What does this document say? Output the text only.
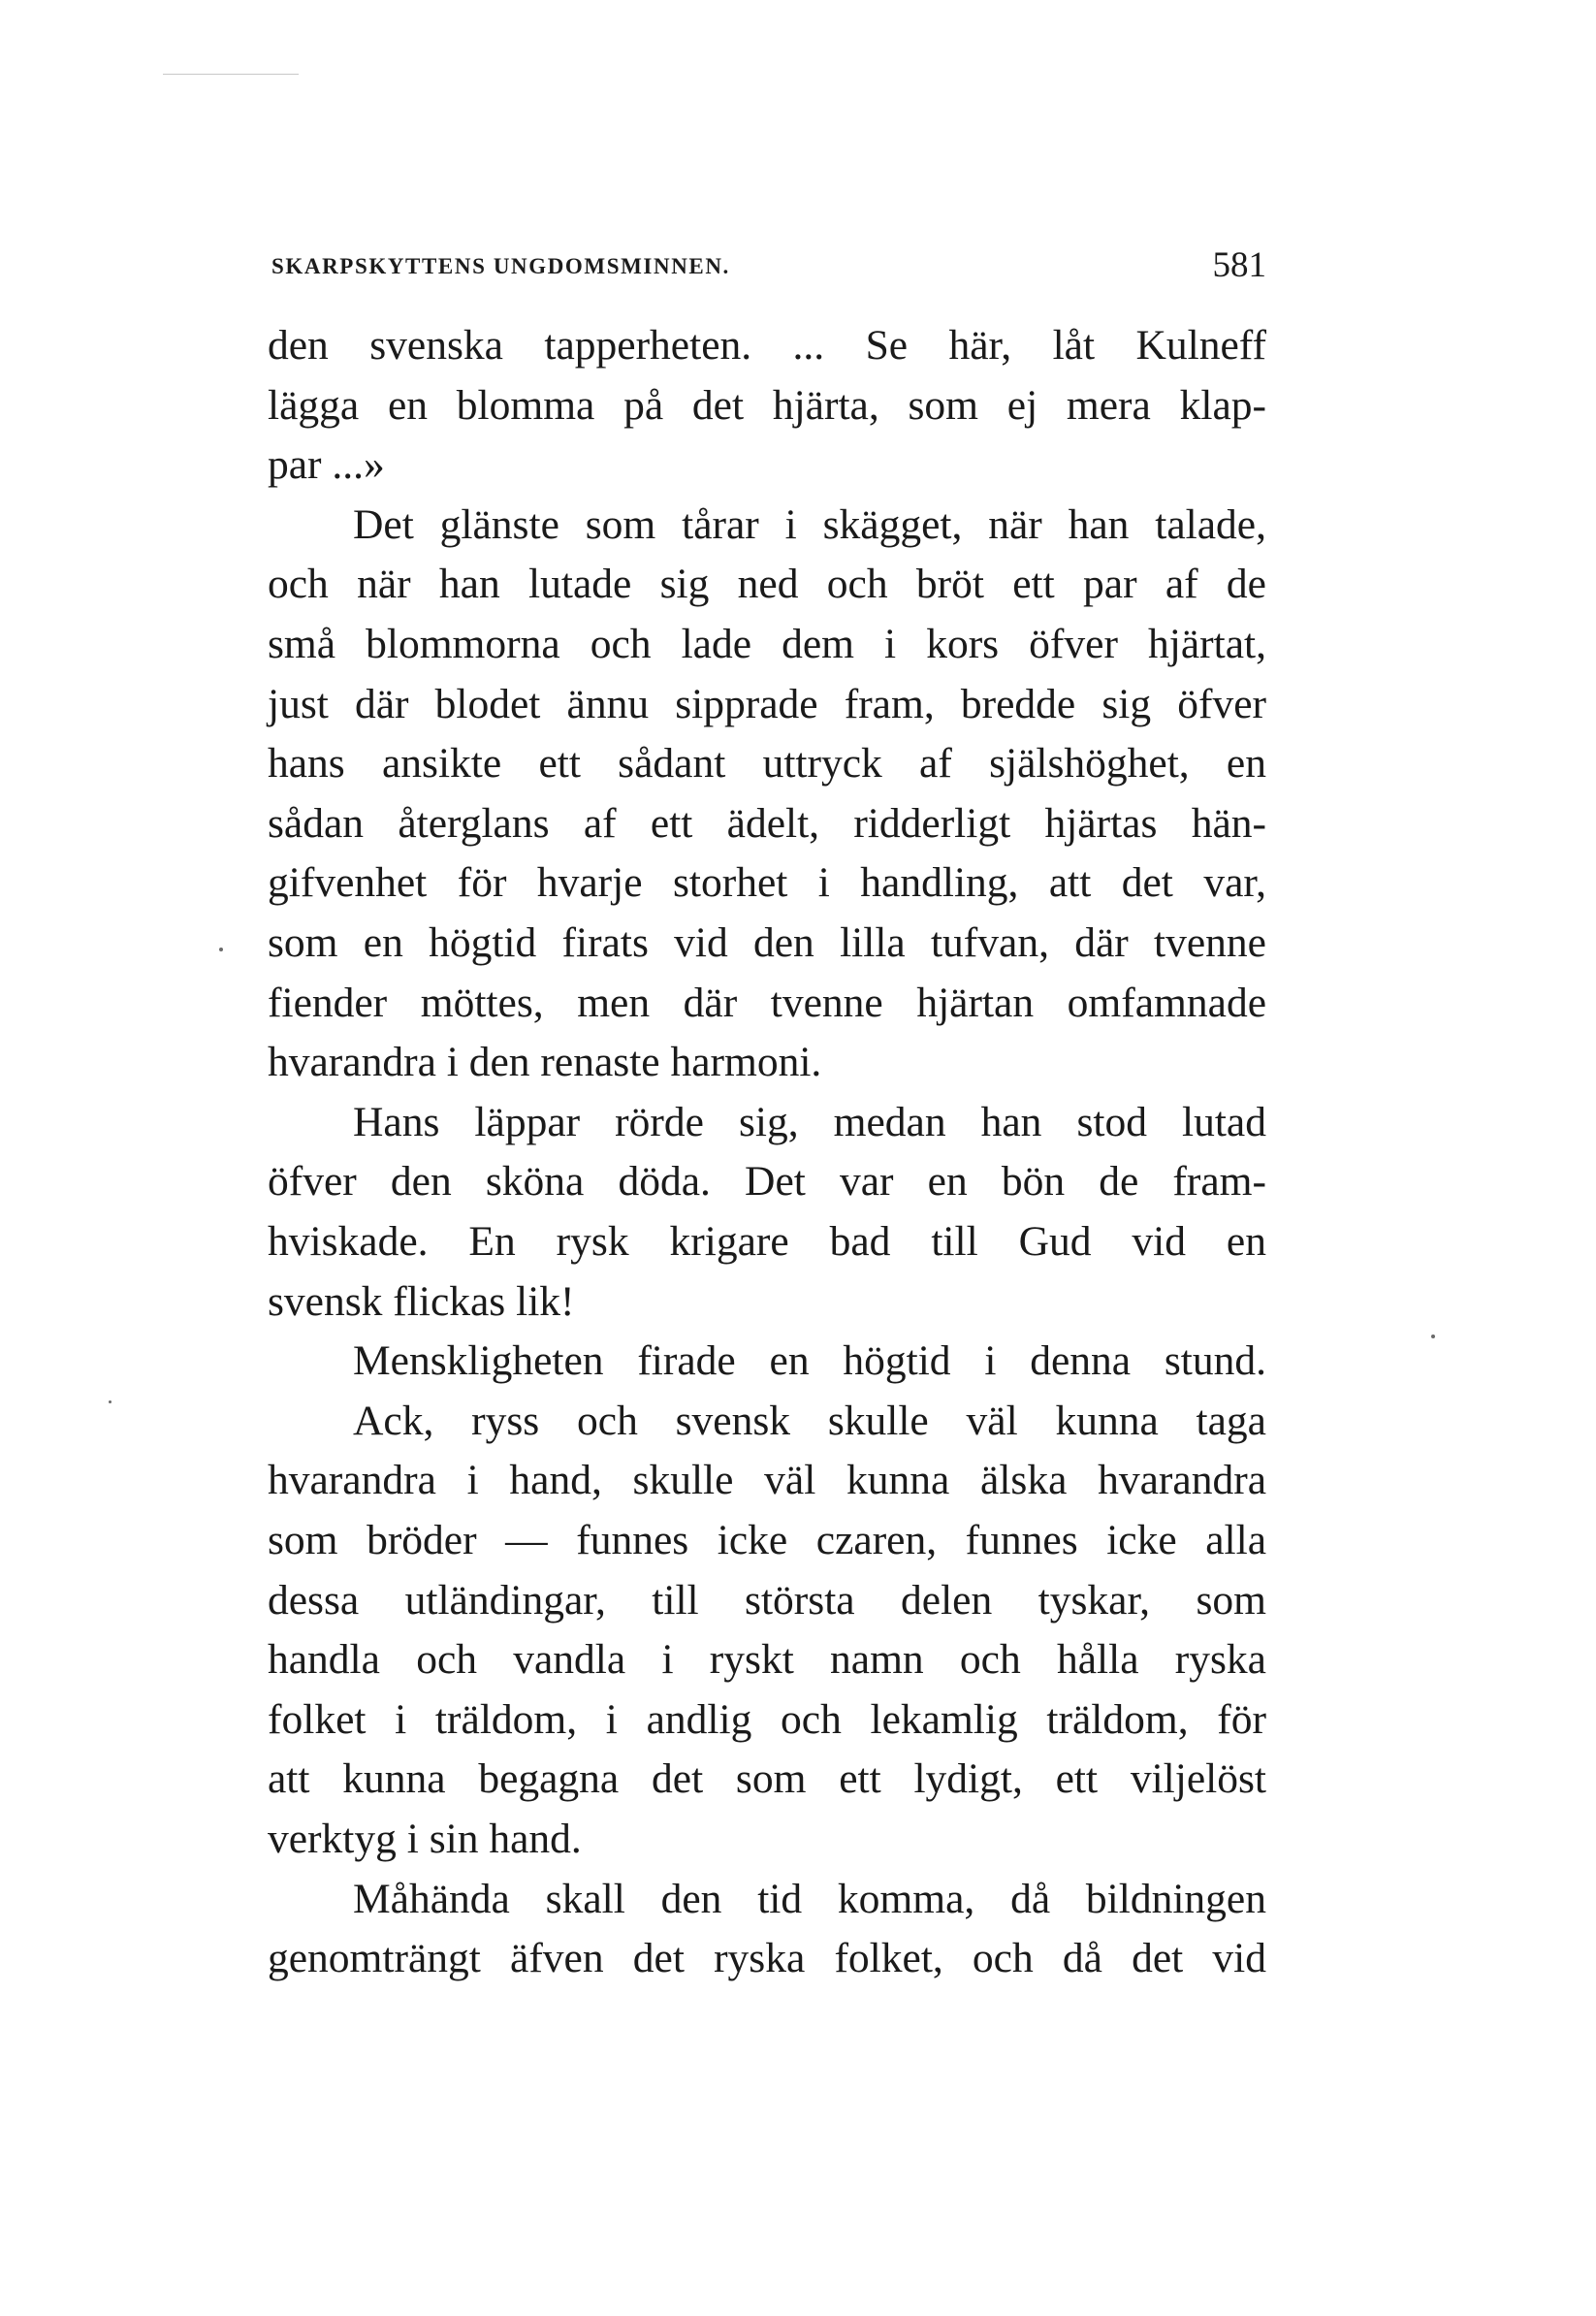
SKARPSKYTTENS UNGDOMSMINNEN.	581
den svenska tapperheten. ... Se här, låt Kulneff
lägga en blomma på det hjärta, som ej mera klap-
par ...»
Det glänste som tårar i skägget, när han talade,
och när han lutade sig ned och bröt ett par af de
små blommorna och lade dem i kors öfver hjärtat,
just där blodet ännu sipprade fram, bredde sig öfver
hans ansikte ett sådant uttryck af själshöghet, en
sådan återglans af ett ädelt, ridderligt hjärtas hän-
gifvenhet för hvarje storhet i handling, att det var,
som en högtid firats vid den lilla tufvan, där tvenne
fiender möttes, men där tvenne hjärtan omfamnade
hvarandra i den renaste harmoni.
Hans läppar rörde sig, medan han stod lutad
öfver den sköna döda. Det var en bön de fram-
hviskade. En rysk krigare bad till Gud vid en
svensk flickas lik!
Menskligheten firade en högtid i denna stund.
Ack, ryss och svensk skulle väl kunna taga
hvarandra i hand, skulle väl kunna älska hvarandra
som bröder — funnes icke czaren, funnes icke alla
dessa utländingar, till största delen tyskar, som
handla och vandla i ryskt namn och hålla ryska
folket i träldom, i andlig och lekamlig träldom, för
att kunna begagna det som ett lydigt, ett viljelöst
verktyg i sin hand.
Måhända skall den tid komma, då bildningen
genomträngt äfven det ryska folket, och då det vid
